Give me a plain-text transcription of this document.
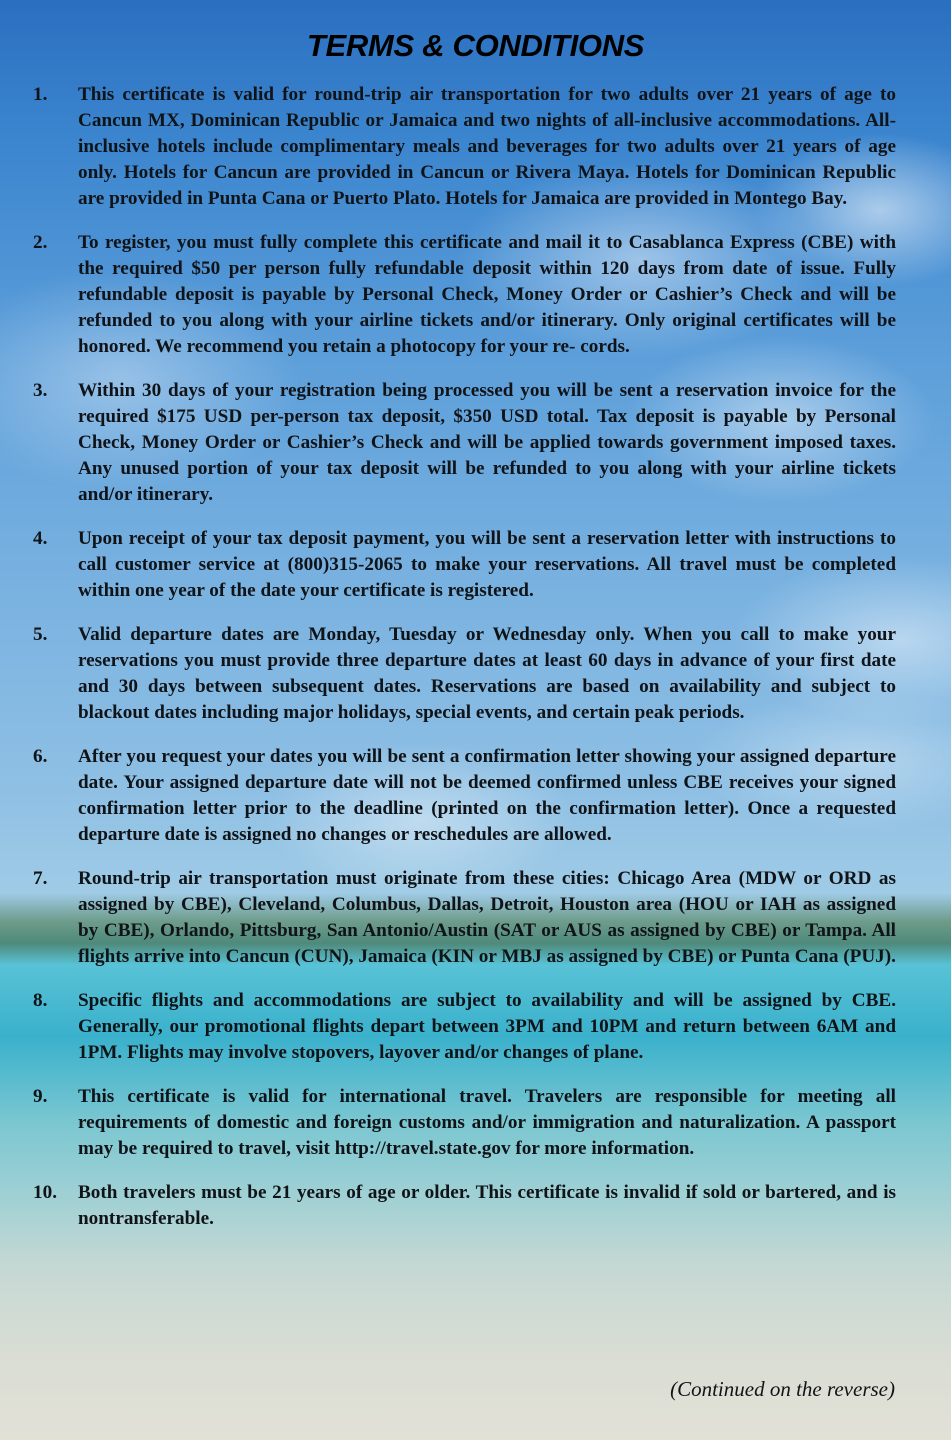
TERMS & CONDITIONS
1. This certificate is valid for round-trip air transportation for two adults over 21 years of age to Cancun MX, Dominican Republic or Jamaica and two nights of all-inclusive accommodations. All-inclusive hotels include complimentary meals and beverages for two adults over 21 years of age only. Hotels for Cancun are provided in Cancun or Rivera Maya. Hotels for Dominican Republic are provided in Punta Cana or Puerto Plato. Hotels for Jamaica are provided in Montego Bay.
2. To register, you must fully complete this certificate and mail it to Casablanca Express (CBE) with the required $50 per person fully refundable deposit within 120 days from date of issue. Fully refundable deposit is payable by Personal Check, Money Order or Cashier’s Check and will be refunded to you along with your airline tickets and/or itinerary. Only original certificates will be honored. We recommend you retain a photocopy for your re- cords.
3. Within 30 days of your registration being processed you will be sent a reservation invoice for the required $175 USD per-person tax deposit, $350 USD total. Tax deposit is payable by Personal Check, Money Order or Cashier’s Check and will be applied towards government imposed taxes. Any unused portion of your tax deposit will be refunded to you along with your airline tickets and/or itinerary.
4. Upon receipt of your tax deposit payment, you will be sent a reservation letter with instructions to call customer service at (800)315-2065 to make your reservations. All travel must be completed within one year of the date your certificate is registered.
5. Valid departure dates are Monday, Tuesday or Wednesday only. When you call to make your reservations you must provide three departure dates at least 60 days in advance of your first date and 30 days between subsequent dates. Reservations are based on availability and subject to blackout dates including major holidays, special events, and certain peak periods.
6. After you request your dates you will be sent a confirmation letter showing your assigned departure date. Your assigned departure date will not be deemed confirmed unless CBE receives your signed confirmation letter prior to the deadline (printed on the confirmation letter). Once a requested departure date is assigned no changes or reschedules are allowed.
7. Round-trip air transportation must originate from these cities: Chicago Area (MDW or ORD as assigned by CBE), Cleveland, Columbus, Dallas, Detroit, Houston area (HOU or IAH as assigned by CBE), Orlando, Pittsburg, San Antonio/Austin (SAT or AUS as assigned by CBE) or Tampa. All flights arrive into Cancun (CUN), Jamaica (KIN or MBJ as assigned by CBE) or Punta Cana (PUJ).
8. Specific flights and accommodations are subject to availability and will be assigned by CBE. Generally, our promotional flights depart between 3PM and 10PM and return between 6AM and 1PM. Flights may involve stopovers, layover and/or changes of plane.
9. This certificate is valid for international travel. Travelers are responsible for meeting all requirements of domestic and foreign customs and/or immigration and naturalization. A passport may be required to travel, visit http://travel.state.gov for more information.
10. Both travelers must be 21 years of age or older. This certificate is invalid if sold or bartered, and is nontransferable.
(Continued on the reverse)
